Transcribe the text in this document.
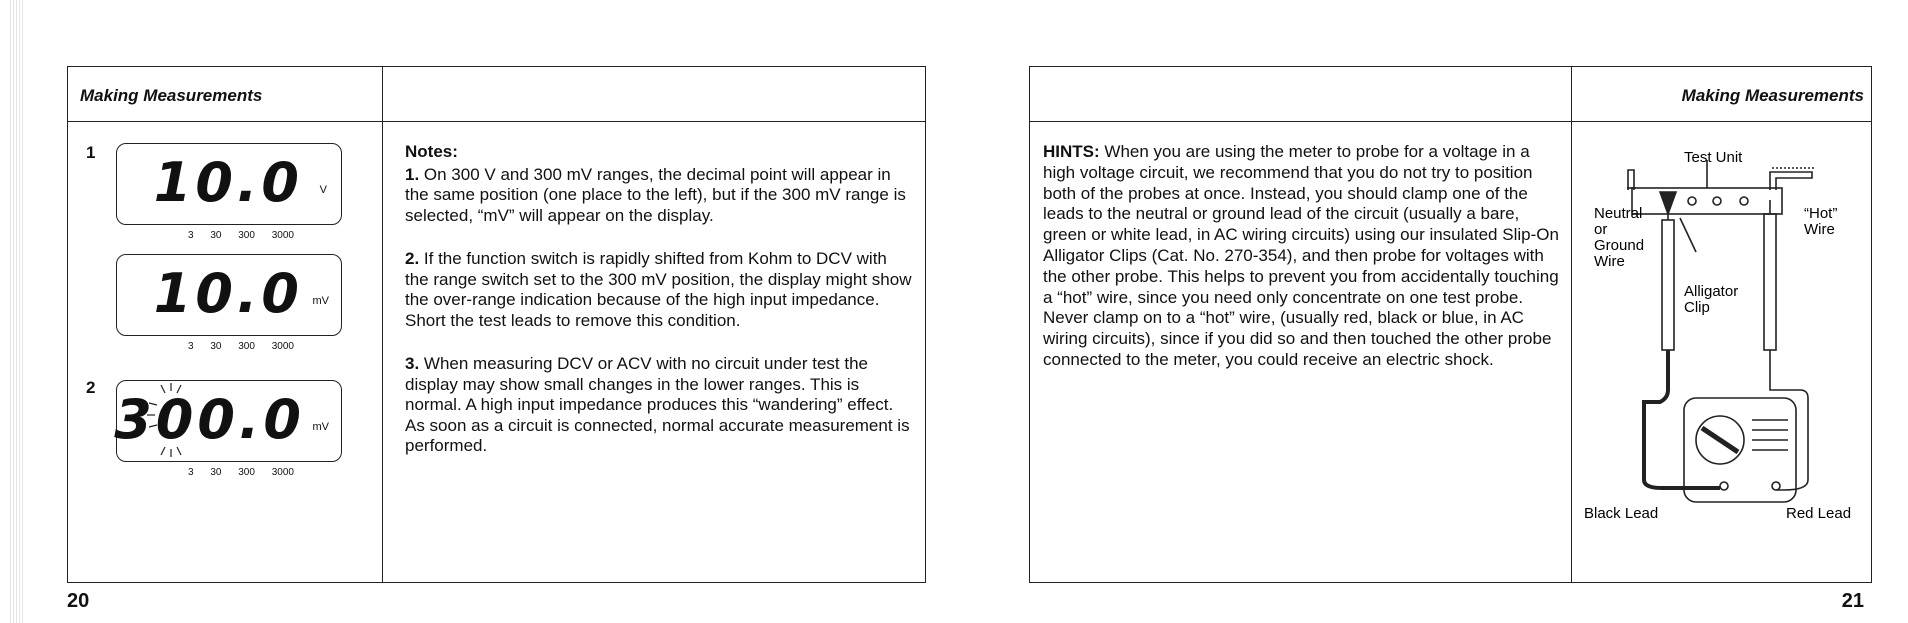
Making Measurements
20
1 10.0 V
3 30 300 3000
10.0 mV
3 30 300 3000
2
300.0 mV
3 30 300 3000

Notes:

1. On 300 V and 300 mV ranges, the decimal point will appear in the same position (one place to the left), but if the 300 mV range is selected, “mV” will appear on the display.

2. If the function switch is rapidly shifted from Kohm to DCV with the range switch set to the 300 mV position, the display might show the over-range indication because of the high input impedance. Short the test leads to remove this condition.

3. When measuring DCV or ACV with no circuit under test the display may show small changes in the lower ranges. This is normal. A high input impedance produces this “wandering” effect. As soon as a circuit is connected, normal accurate measurement is performed.

Making Measurements
21
HINTS: When you are using the meter to probe for a voltage in a high voltage circuit, we recommend that you do not try to position both of the probes at once. Instead, you should clamp one of the leads to the neutral or ground lead of the circuit (usually a bare, green or white lead, in AC wiring circuits) using our insulated Slip-On Alligator Clips (Cat. No. 270-354), and then probe for voltages with the other probe. This helps to prevent you from accidentally touching a “hot” wire, since you need only concentrate on one test probe. Never clamp on to a “hot” wire, (usually red, black or blue, in AC wiring circuits), since if you did so and then touched the other probe connected to the meter, you could receive an electric shock.
Test Unit
Neutral
or
Ground
Wire
“Hot”
Wire
Alligator
Clip
Black Lead	Red Lead
